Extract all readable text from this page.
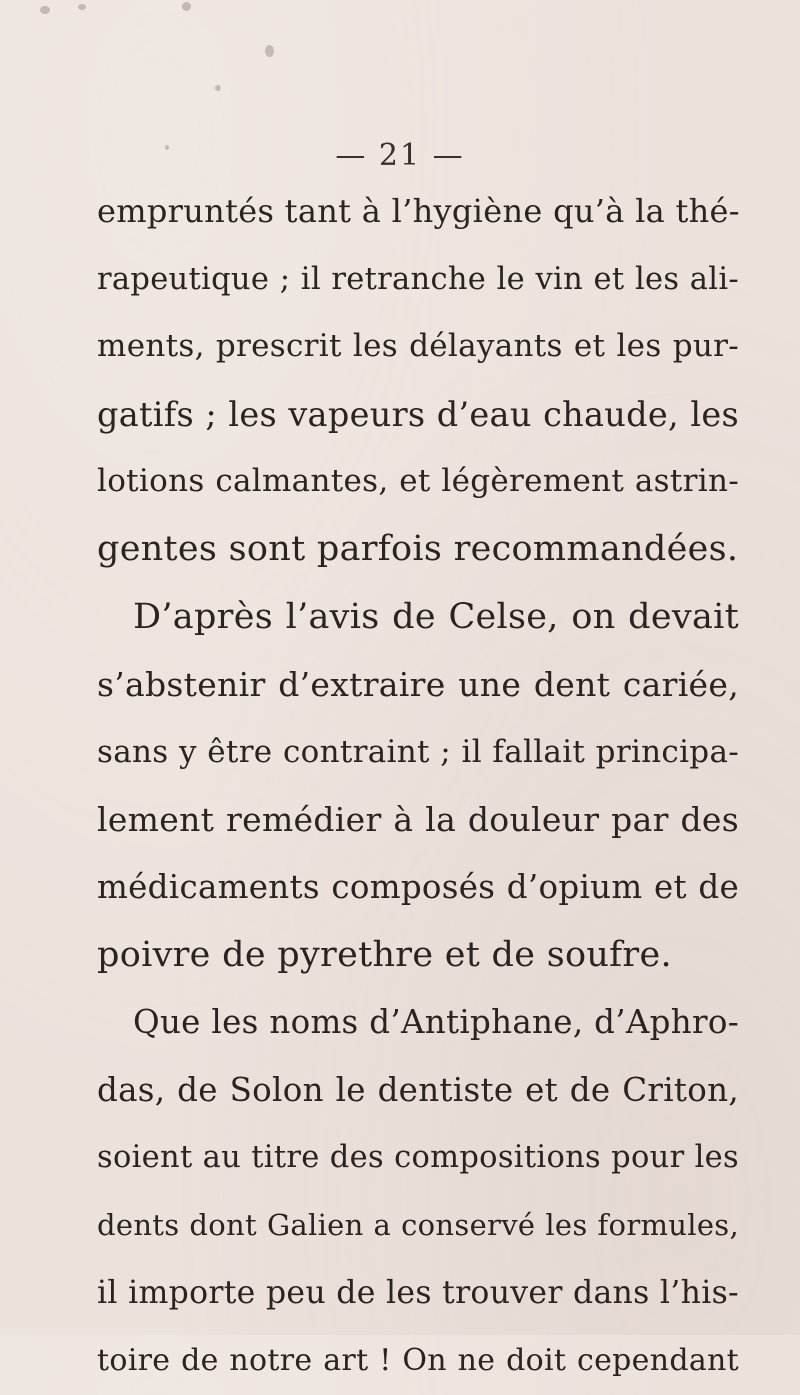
— 21 —
empruntés tant à l’hygiène qu’à la thé-
rapeutique ; il retranche le vin et les ali-
ments, prescrit les délayants et les pur-
gatifs ; les vapeurs d’eau chaude, les
lotions calmantes, et légèrement astrin-
gentes sont parfois recommandées.
D’après l’avis de Celse, on devait
s’abstenir d’extraire une dent cariée,
sans y être contraint ; il fallait principa-
lement remédier à la douleur par des
médicaments composés d’opium et de
poivre de pyrethre et de soufre.
Que les noms d’Antiphane, d’Aphro-
das, de Solon le dentiste et de Criton,
soient au titre des compositions pour les
dents dont Galien a conservé les formules,
il importe peu de les trouver dans l’his-
toire de notre art ! On ne doit cependant
